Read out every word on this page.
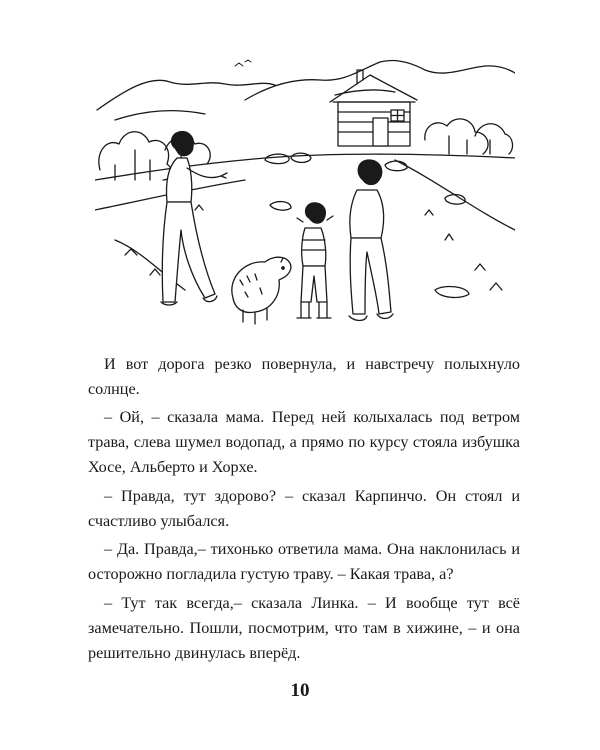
И вот дорога резко повернула, и навстречу полыхнуло солнце.

– Ой, – сказала мама. Перед ней колыхалась под ветром трава, слева шумел водопад, а прямо по курсу стояла избушка Хосе, Альберто и Хорхе.

– Правда, тут здорово? – сказал Карпинчо. Он стоял и счастливо улыбался.

– Да. Правда,– тихонько ответила мама. Она наклонилась и осторожно погладила густую траву. – Какая трава, а?

– Тут так всегда,– сказала Линка. – И вообще тут всё замечательно. Пошли, посмотрим, что там в хижине, – и она решительно двинулась вперёд.

10
